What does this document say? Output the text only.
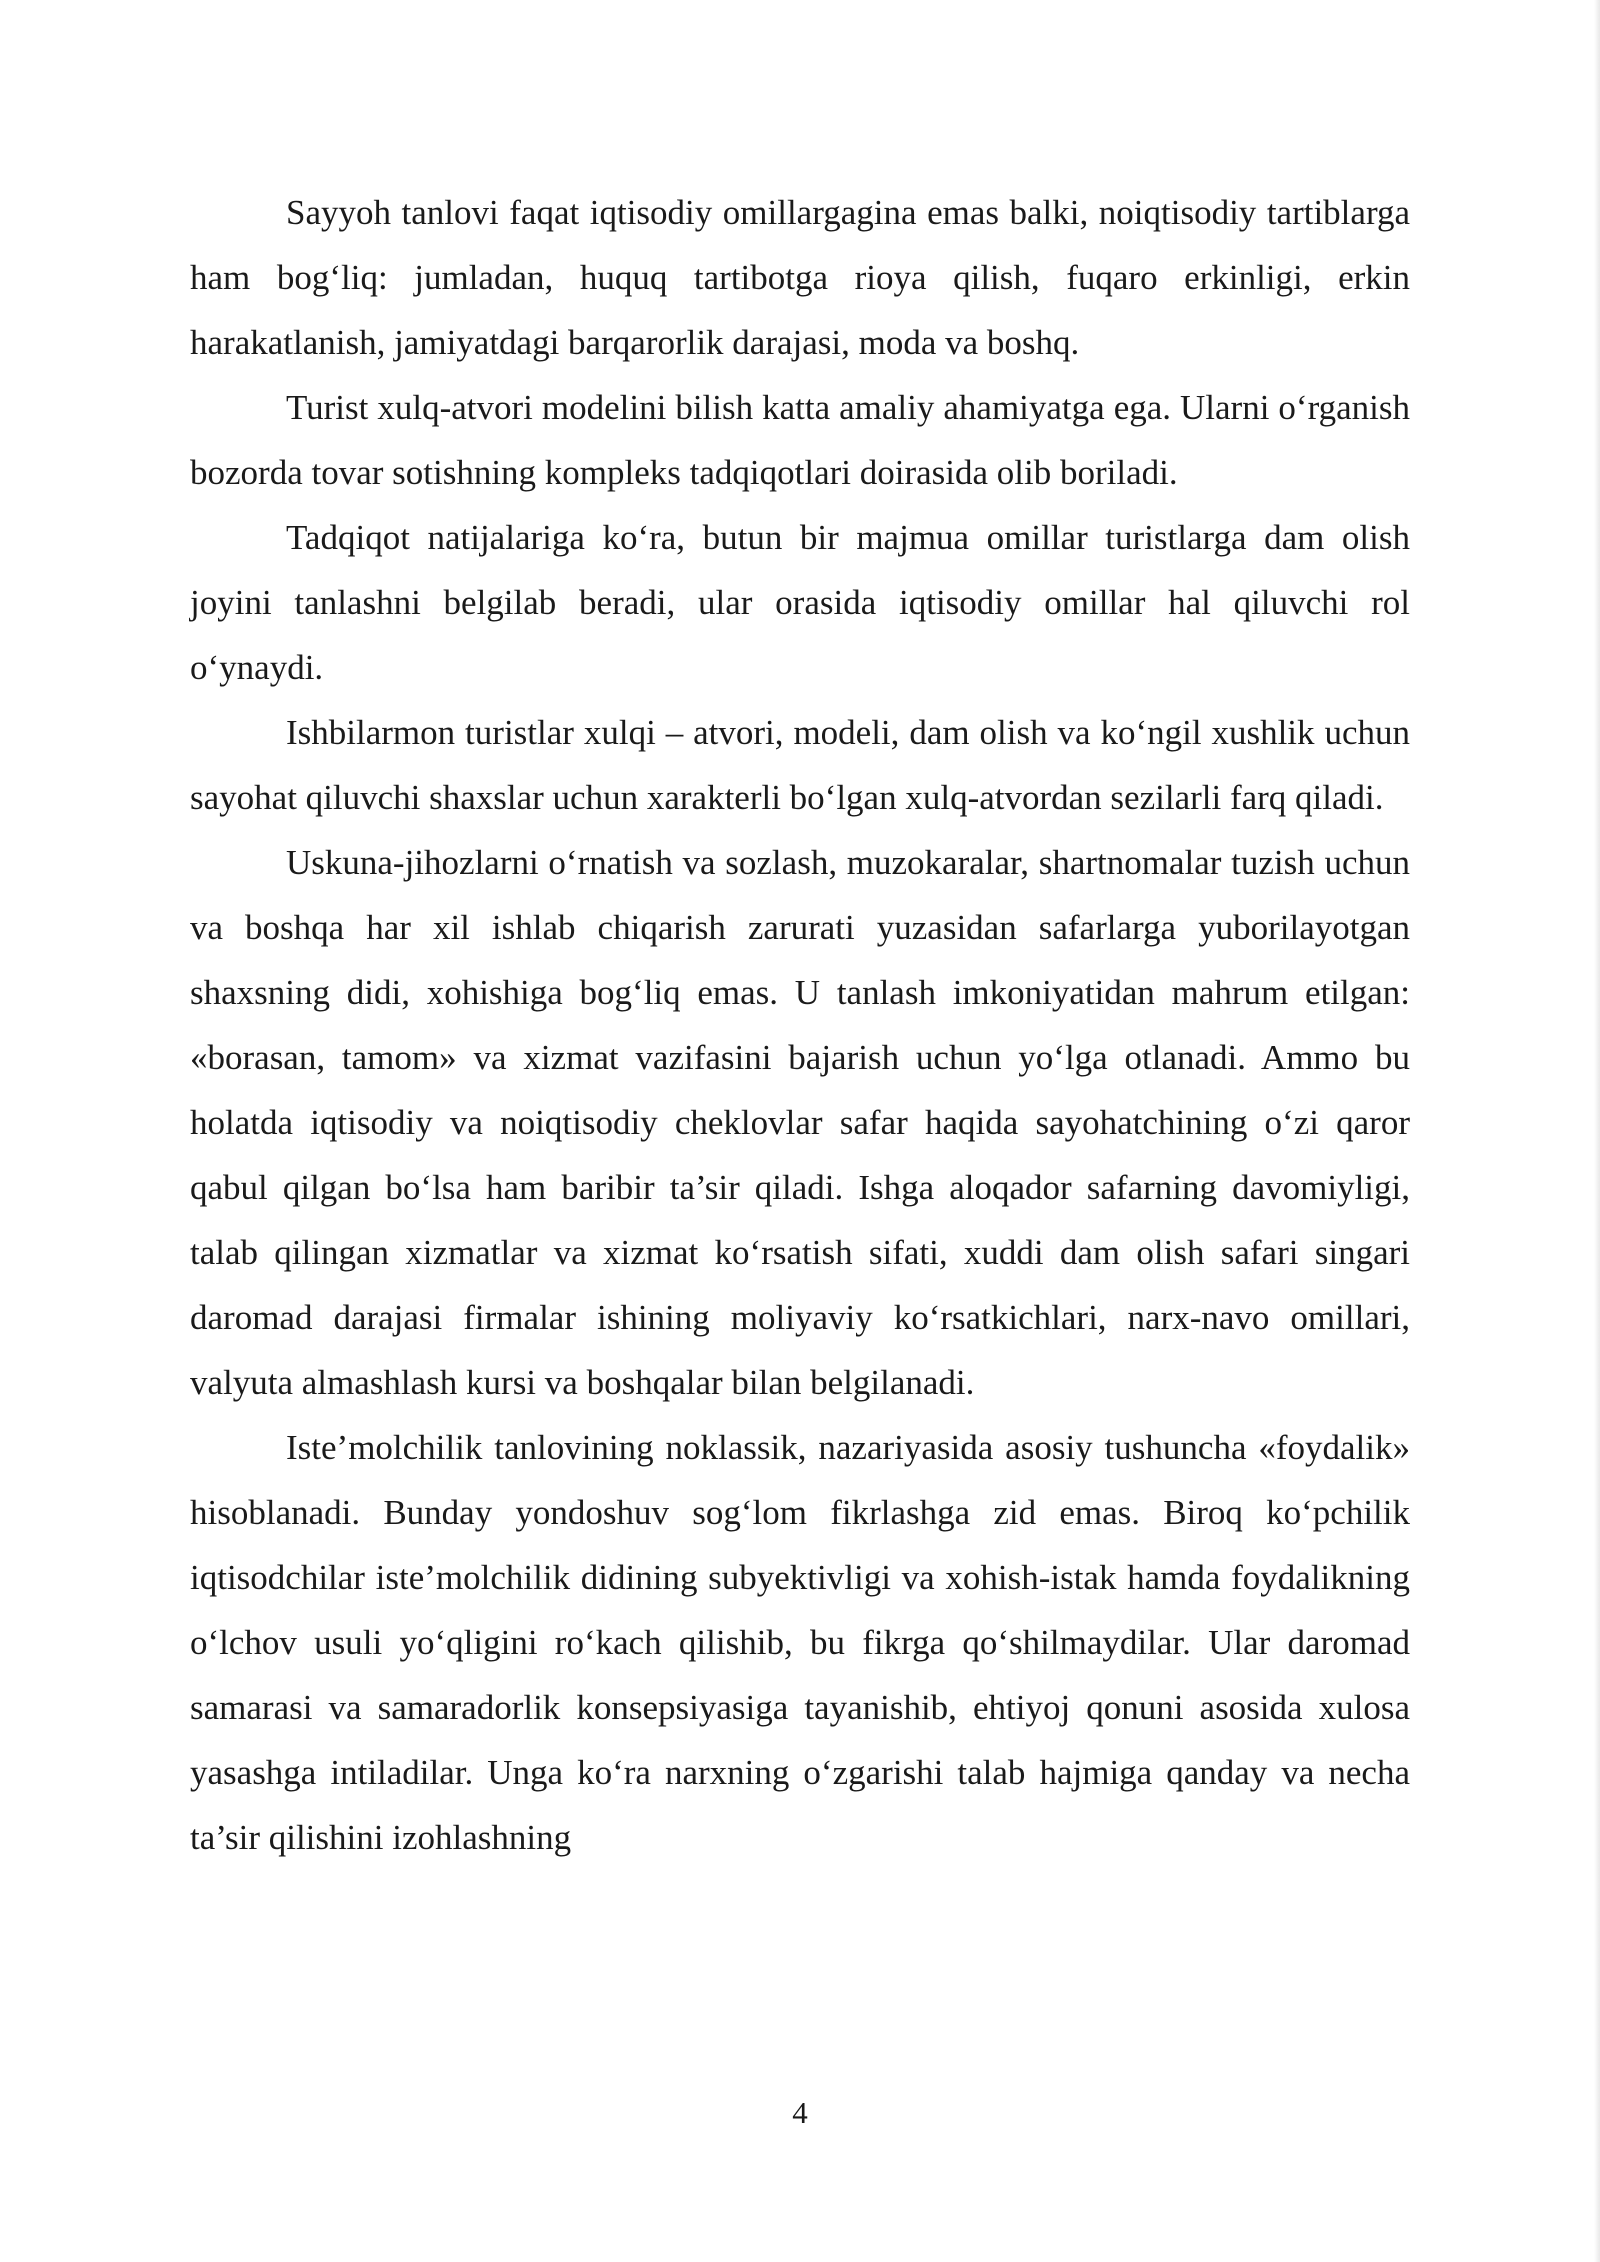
Sayyoh tanlovi faqat iqtisodiy omillargagina emas balki, noiqtisodiy tartiblarga ham bog‘liq: jumladan, huquq tartibotga rioya qilish, fuqaro erkinligi, erkin harakatlanish, jamiyatdagi barqarorlik darajasi, moda va boshq.

Turist xulq-atvori modelini bilish katta amaliy ahamiyatga ega. Ularni o‘rganish bozorda tovar sotishning kompleks tadqiqotlari doirasida olib boriladi.

Tadqiqot natijalariga ko‘ra, butun bir majmua omillar turistlarga dam olish joyini tanlashni belgilab beradi, ular orasida iqtisodiy omillar hal qiluvchi rol o‘ynaydi.

Ishbilarmon turistlar xulqi – atvori, modeli, dam olish va ko‘ngil xushlik uchun sayohat qiluvchi shaxslar uchun xarakterli bo‘lgan xulq-atvordan sezilarli farq qiladi.

Uskuna-jihozlarni o‘rnatish va sozlash, muzokaralar, shartnomalar tuzish uchun va boshqa har xil ishlab chiqarish zarurati yuzasidan safarlarga yuborilayotgan shaxsning didi, xohishiga bog‘liq emas. U tanlash imkoniyatidan mahrum etilgan: «borasan, tamom» va xizmat vazifasini bajarish uchun yo‘lga otlanadi. Ammo bu holatda iqtisodiy va noiqtisodiy cheklovlar safar haqida sayohatchining o‘zi qaror qabul qilgan bo‘lsa ham baribir ta’sir qiladi. Ishga aloqador safarning davomiyligi, talab qilingan xizmatlar va xizmat ko‘rsatish sifati, xuddi dam olish safari singari daromad darajasi firmalar ishining moliyaviy ko‘rsatkichlari, narx-navo omillari, valyuta almashlash kursi va boshqalar bilan belgilanadi.

Iste’molchilik tanlovining noklassik, nazariyasida asosiy tushuncha «foydalik» hisoblanadi. Bunday yondoshuv sog‘lom fikrlashga zid emas. Biroq ko‘pchilik iqtisodchilar iste’molchilik didining subyektivligi va xohish-istak hamda foydalikning o‘lchov usuli yo‘qligini ro‘kach qilishib, bu fikrga qo‘shilmaydilar. Ular daromad samarasi va samaradorlik konsepsiyasiga tayanishib, ehtiyoj qonuni asosida xulosa yasashga intiladilar. Unga ko‘ra narxning o‘zgarishi talab hajmiga qanday va necha ta’sir qilishini izohlashning

4
